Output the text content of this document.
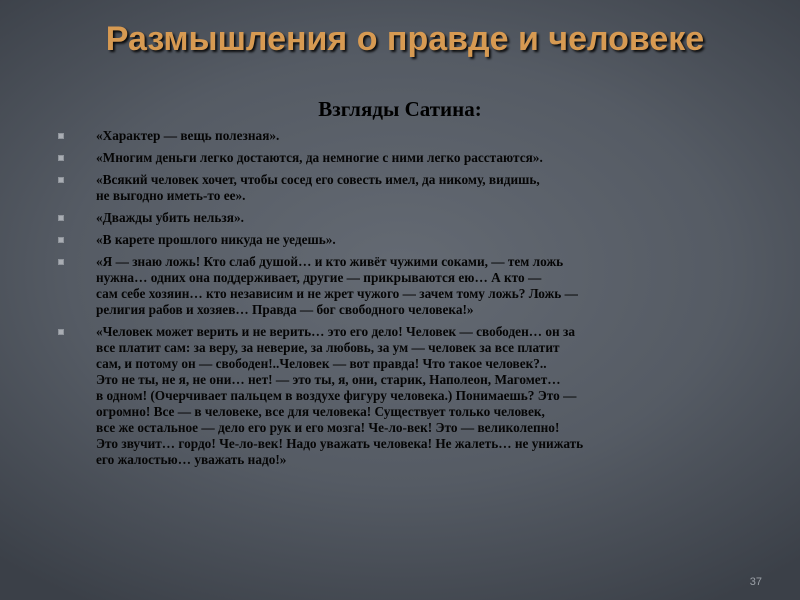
Размышления о правде и человеке
Взгляды Сатина:
«Характер — вещь полезная».
«Многим деньги легко достаются, да немногие с ними легко расстаются».
«Всякий человек хочет, чтобы сосед его совесть имел, да никому, видишь,
не выгодно иметь-то ее».
«Дважды убить нельзя».
«В карете прошлого никуда не уедешь».
«Я — знаю ложь! Кто слаб душой… и кто живёт чужими соками, — тем ложь
нужна… одних она поддерживает, другие — прикрываются ею… А кто —
сам себе хозяин… кто независим и не жрет чужого — зачем тому ложь? Ложь —
религия рабов и хозяев… Правда — бог свободного человека!»
«Человек может верить и не верить… это его дело! Человек — свободен… он за
все платит сам: за веру, за неверие, за любовь, за ум — человек за все платит
сам, и потому он — свободен!..Человек — вот правда! Что такое человек?..
Это не ты, не я, не они… нет! — это ты, я, они, старик, Наполеон, Магомет…
в одном! (Очерчивает пальцем в воздухе фигуру человека.) Понимаешь? Это —
огромно! Все — в человеке, все для человека! Существует только человек,
все же остальное — дело его рук и его мозга! Че-ло-век! Это — великолепно!
Это звучит… гордо! Че-ло-век! Надо уважать человека! Не жалеть… не унижать
его жалостью… уважать надо!»
37
